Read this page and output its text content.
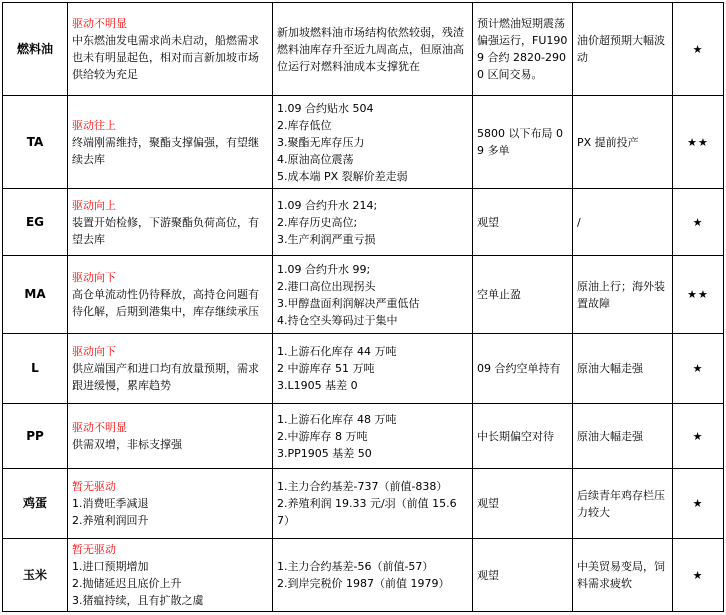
燃料油	驱动不明显
中东燃油发电需求尚未启动，船燃需求也未有明显起色，相对而言新加坡市场供给较为充足	新加坡燃料油市场结构依然较弱，残渣燃料油库存升至近九周高点，但原油高位运行对燃料油成本支撑犹在	预计燃油短期震荡偏强运行，FU1909 合约 2820-2900 区间交易。	油价超预期大幅波动	★
TA	驱动往上
终端刚需维持，聚酯支撑偏强，有望继续去库	1.09 合约贴水 504
2.库存低位
3.聚酯无库存压力
4.原油高位震荡
5.成本端 PX 裂解价差走弱	5800 以下布局 09 多单	PX 提前投产	★★
EG	驱动向上
装置开始检修，下游聚酯负荷高位，有望去库	1.09 合约升水 214;
2.库存历史高位;
3.生产利润严重亏损	观望	/	★
MA	驱动向下
高仓单流动性仍待释放，高持仓问题有待化解，后期到港集中，库存继续承压	1.09 合约升水 99;
2.港口高位出现拐头
3.甲醇盘面利润解决严重低估
4.持仓空头筹码过于集中	空单止盈	原油上行；海外装置故障	★★
L	驱动向下
供应端国产和进口均有放量预期，需求跟进缓慢，累库趋势	1.上游石化库存 44 万吨
2 中游库存 51 万吨
3.L1905 基差 0	09 合约空单持有	原油大幅走强	★
PP	驱动不明显
供需双增，非标支撑强	1.上游石化库存 48 万吨
2.中游库存 8 万吨
3.PP1905 基差 50	中长期偏空对待	原油大幅走强	★
鸡蛋	暂无驱动
1.消费旺季减退
2.养殖利润回升	1.主力合约基差-737（前值-838）
2.养殖利润 19.33 元/羽（前值 15.67）	观望	后续青年鸡存栏压力较大	★
玉米	暂无驱动
1.进口预期增加
2.抛储延迟且底价上升
3.猪瘟持续，且有扩散之虞	1.主力合约基差-56（前值-57）
2.到岸完税价 1987（前值 1979）	观望	中美贸易变局，饲料需求疲软	★
